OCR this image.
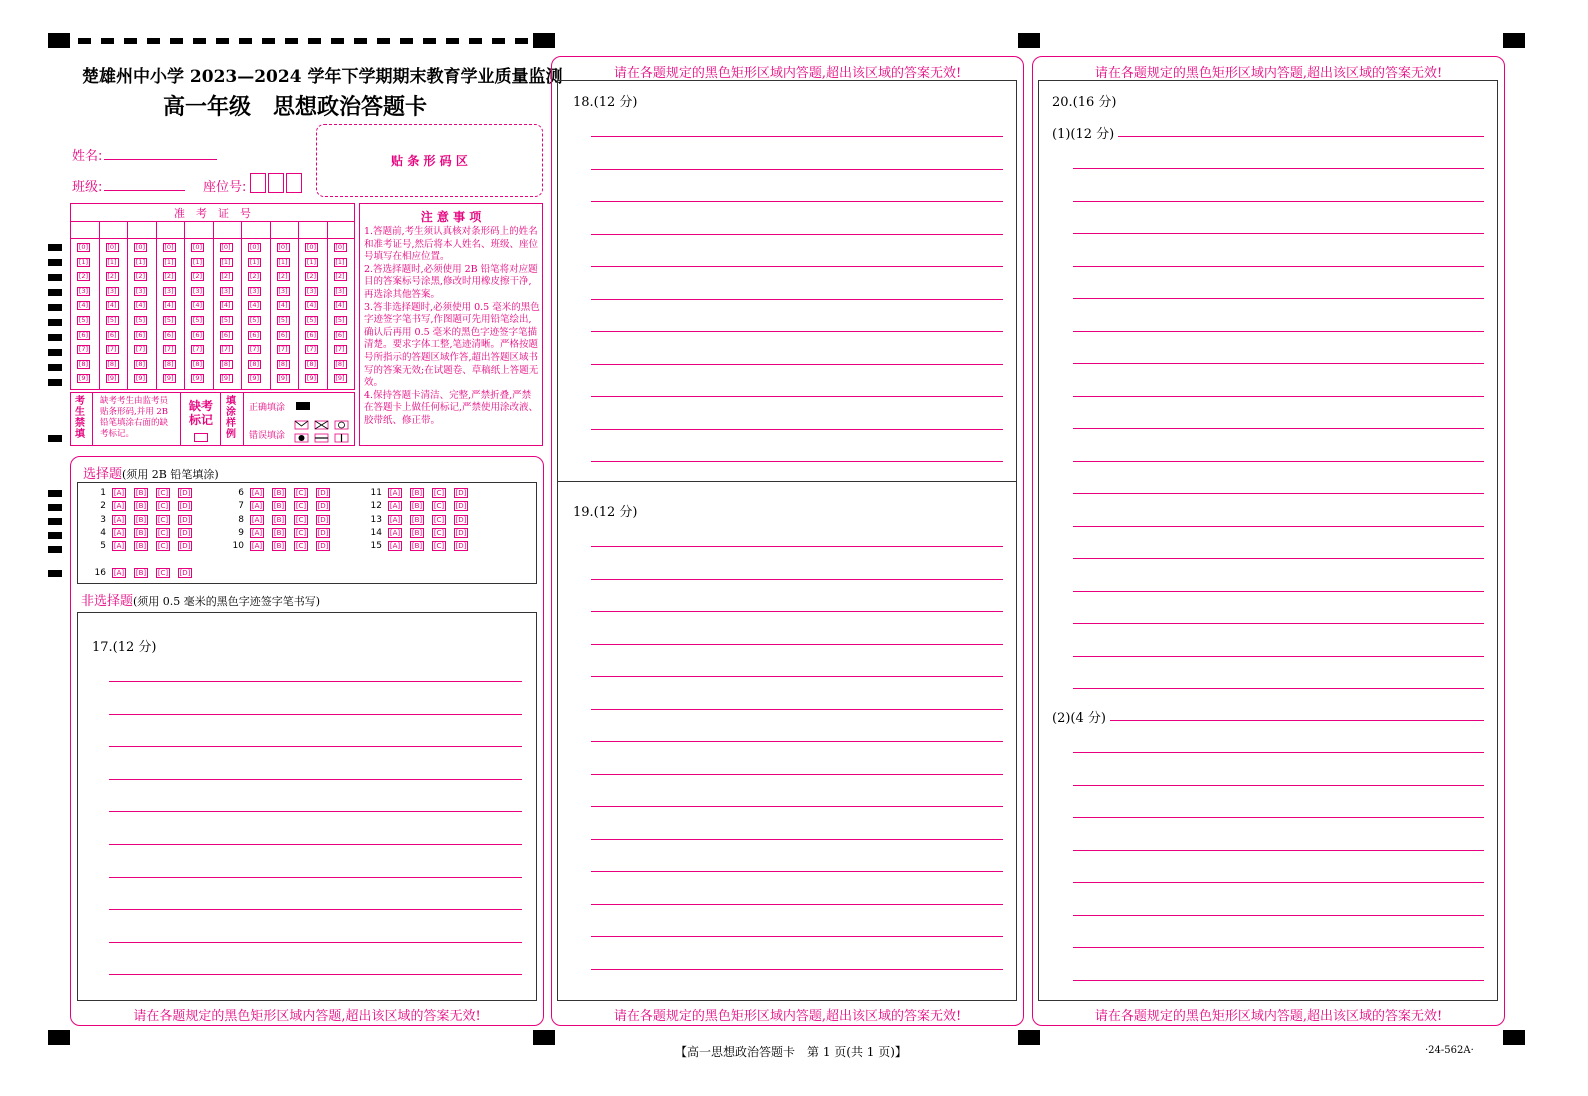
楚雄州中小学 2023—2024 学年下学期期末教育学业质量监测
高一年级　思想政治答题卡
姓名:
班级:	座位号:
贴 条 形 码 区
准　考　证　号
[0]
[1]
[2]
[3]
[4]
[5]
[6]
[7]
[8]
[9]
[0]
[1]
[2]
[3]
[4]
[5]
[6]
[7]
[8]
[9]
[0]
[1]
[2]
[3]
[4]
[5]
[6]
[7]
[8]
[9]
[0]
[1]
[2]
[3]
[4]
[5]
[6]
[7]
[8]
[9]
[0]
[1]
[2]
[3]
[4]
[5]
[6]
[7]
[8]
[9]
[0]
[1]
[2]
[3]
[4]
[5]
[6]
[7]
[8]
[9]
[0]
[1]
[2]
[3]
[4]
[5]
[6]
[7]
[8]
[9]
[0]
[1]
[2]
[3]
[4]
[5]
[6]
[7]
[8]
[9]
[0]
[1]
[2]
[3]
[4]
[5]
[6]
[7]
[8]
[9]
[0]
[1]
[2]
[3]
[4]
[5]
[6]
[7]
[8]
[9]
注 意 事 项
1.答题前,考生须认真核对条形码上的姓名和准考证号,然后将本人姓名、班级、座位号填写在相应位置。
2.答选择题时,必须使用 2B 铅笔将对应题目的答案标号涂黑,修改时用橡皮擦干净,再选涂其他答案。
3.答非选择题时,必须使用 0.5 毫米的黑色字迹签字笔书写,作图题可先用铅笔绘出,确认后再用 0.5 毫米的黑色字迹签字笔描清楚。要求字体工整,笔迹清晰。严格按题号所指示的答题区域作答,超出答题区域书写的答案无效;在试题卷、草稿纸上答题无效。
4.保持答题卡清洁、完整,严禁折叠,严禁在答题卡上做任何标记,严禁使用涂改液、胶带纸、修正带。
考生禁填
缺考考生由监考员贴条形码,并用 2B 铅笔填涂右面的缺考标记。
缺考标记
填涂样例
正确填涂
错误填涂
选择题(须用 2B 铅笔填涂)
1 [A] [B] [C] [D]
2 [A] [B] [C] [D]
3 [A] [B] [C] [D]
4 [A] [B] [C] [D]
5 [A] [B] [C] [D]
6 [A] [B] [C] [D]
7 [A] [B] [C] [D]
8 [A] [B] [C] [D]
9 [A] [B] [C] [D]
10 [A] [B] [C] [D]
11 [A] [B] [C] [D]
12 [A] [B] [C] [D]
13 [A] [B] [C] [D]
14 [A] [B] [C] [D]
15 [A] [B] [C] [D]
16 [A] [B] [C] [D]
非选择题(须用 0.5 毫米的黑色字迹签字笔书写)
17.(12 分)
请在各题规定的黑色矩形区域内答题,超出该区域的答案无效!
请在各题规定的黑色矩形区域内答题,超出该区域的答案无效!
18.(12 分)
19.(12 分)
请在各题规定的黑色矩形区域内答题,超出该区域的答案无效!
请在各题规定的黑色矩形区域内答题,超出该区域的答案无效!
20.(16 分)
(1)(12 分)
(2)(4 分)
请在各题规定的黑色矩形区域内答题,超出该区域的答案无效!
【高一思想政治答题卡　第 1 页(共 1 页)】	·24-562A·
